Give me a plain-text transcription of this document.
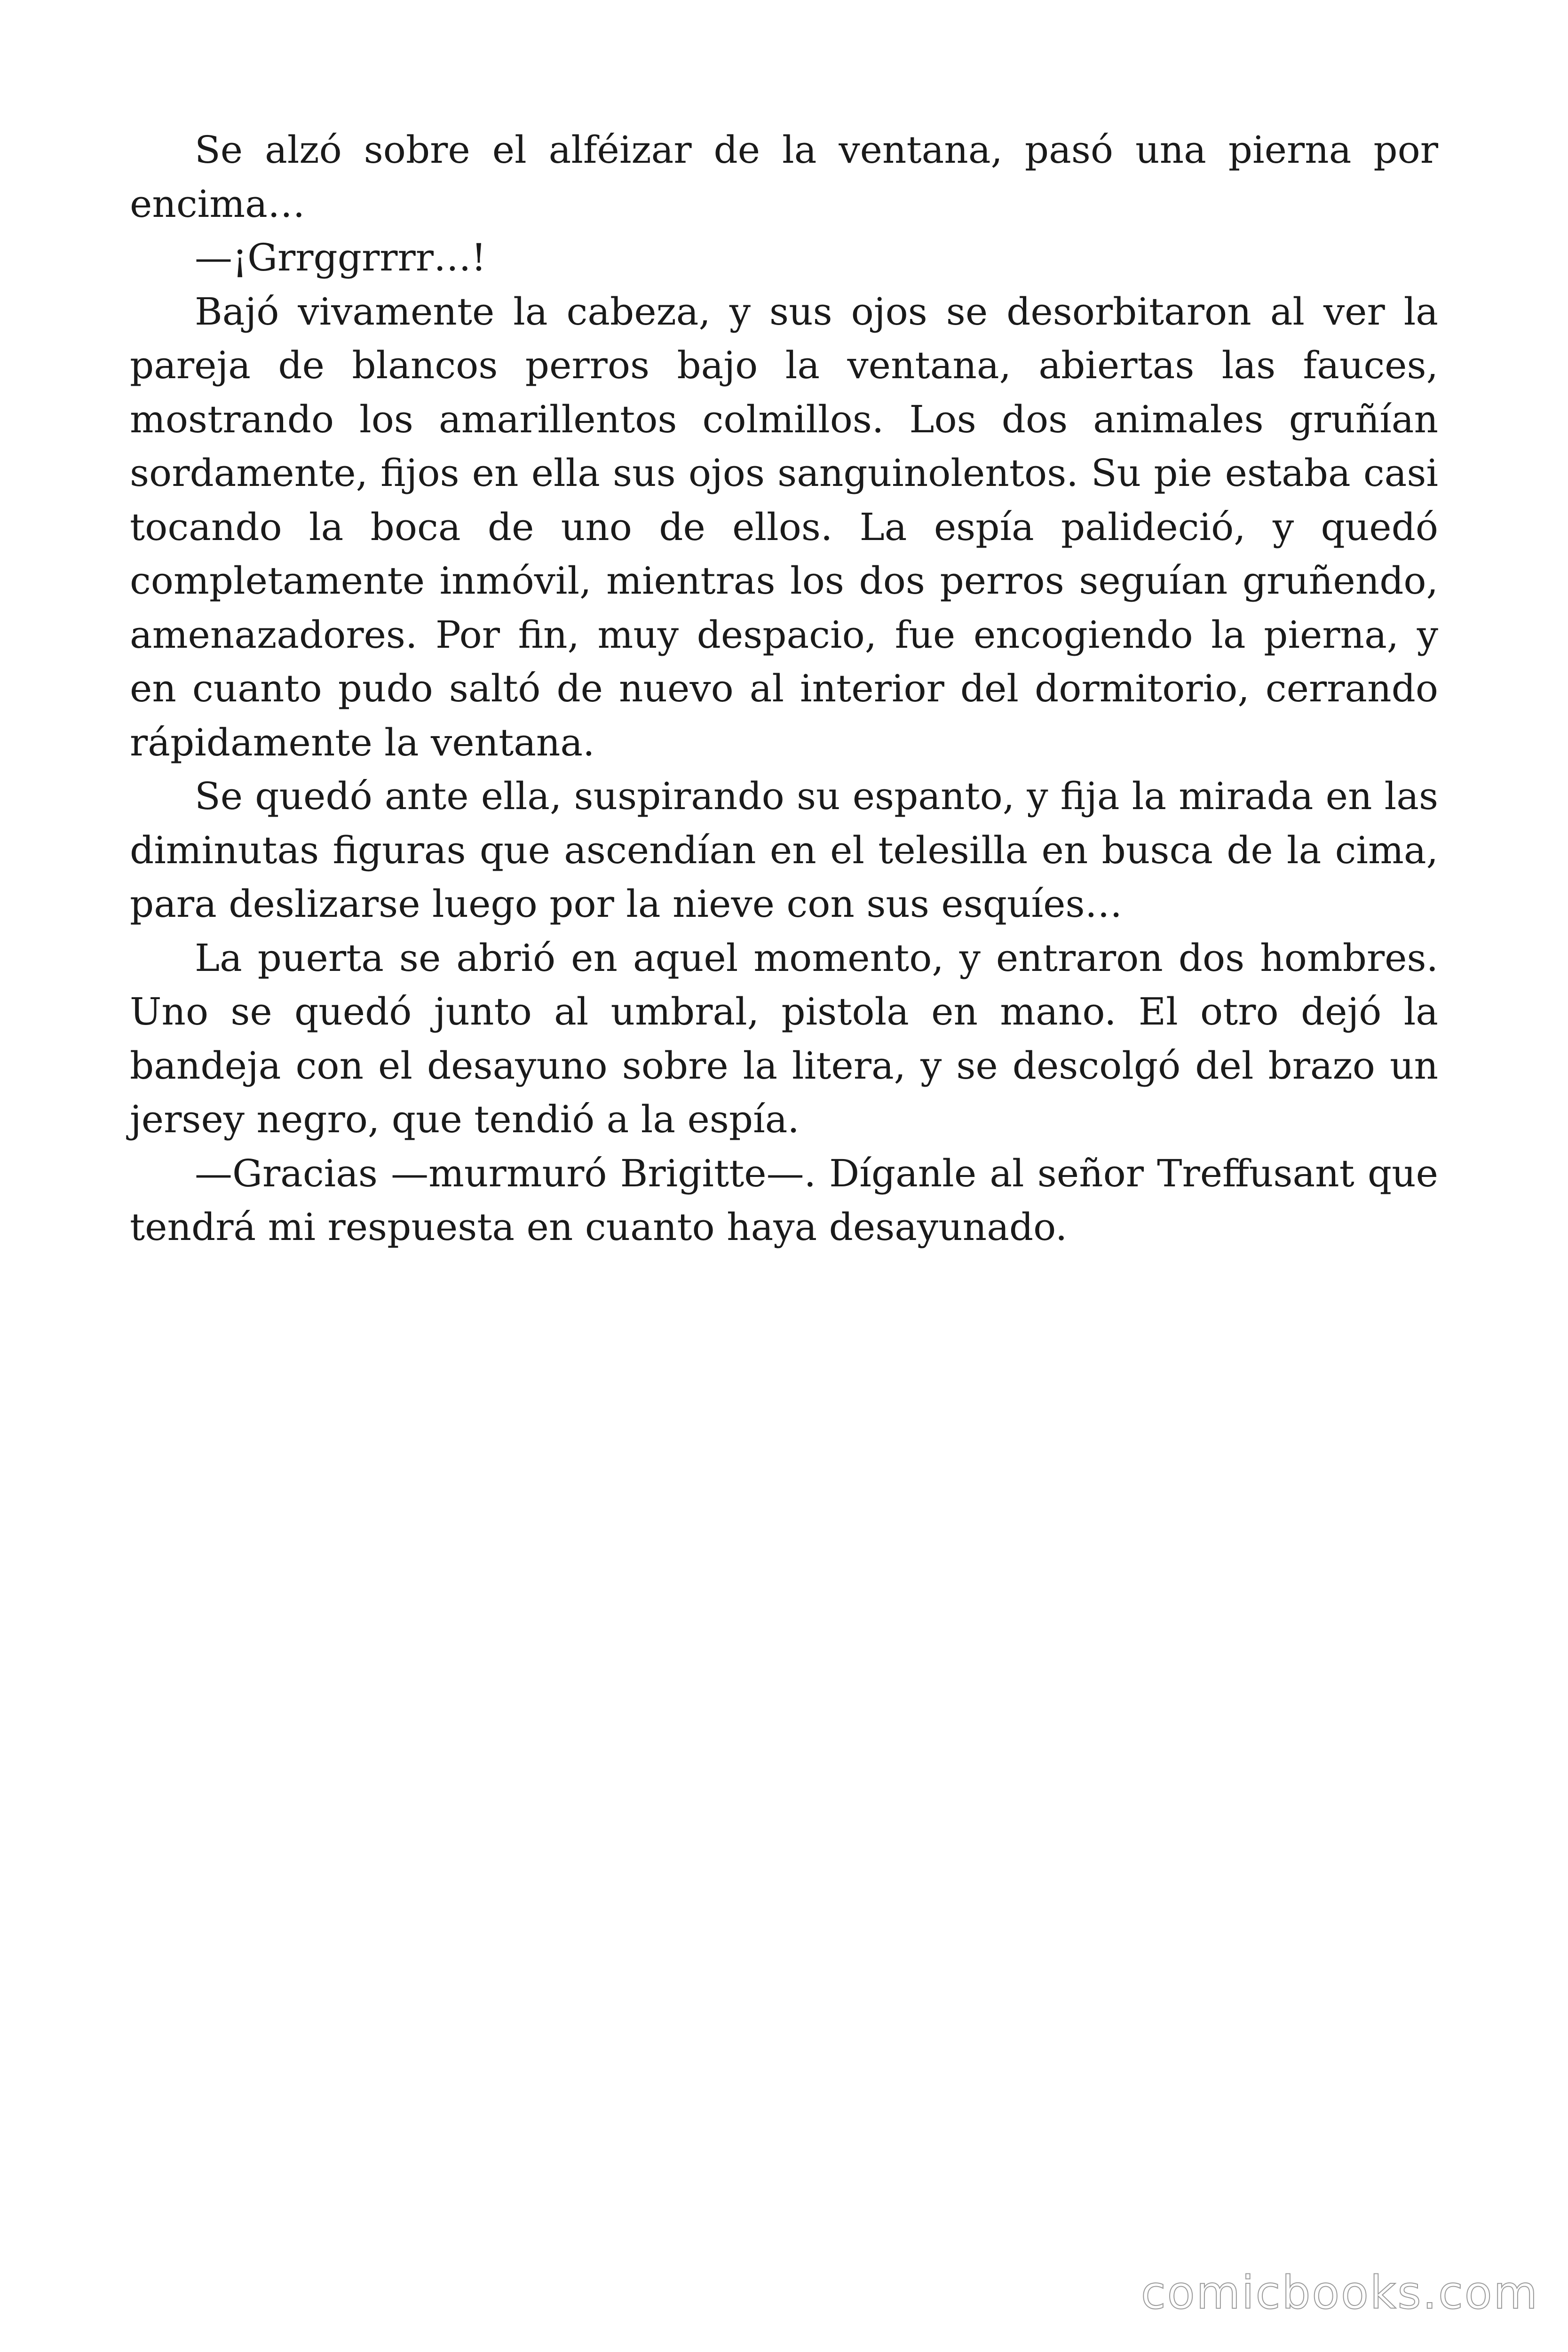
Se alzó sobre el alféizar de la ventana, pasó una pierna por encima…

—¡Grrggrrrr…!

Bajó vivamente la cabeza, y sus ojos se desorbitaron al ver la pareja de blancos perros bajo la ventana, abiertas las fauces, mostrando los amarillentos colmillos. Los dos animales gruñían sordamente, fijos en ella sus ojos sanguinolentos. Su pie estaba casi tocando la boca de uno de ellos. La espía palideció, y quedó completamente inmóvil, mientras los dos perros seguían gruñendo, amenazadores. Por fin, muy despacio, fue encogiendo la pierna, y en cuanto pudo saltó de nuevo al interior del dormitorio, cerrando rápidamente la ventana.

Se quedó ante ella, suspirando su espanto, y fija la mirada en las diminutas figuras que ascendían en el telesilla en busca de la cima, para deslizarse luego por la nieve con sus esquíes…

La puerta se abrió en aquel momento, y entraron dos hombres. Uno se quedó junto al umbral, pistola en mano. El otro dejó la bandeja con el desayuno sobre la litera, y se descolgó del brazo un jersey negro, que tendió a la espía.

—Gracias —murmuró Brigitte—. Díganle al señor Treffusant que tendrá mi respuesta en cuanto haya desayunado.

comicbooks.com
